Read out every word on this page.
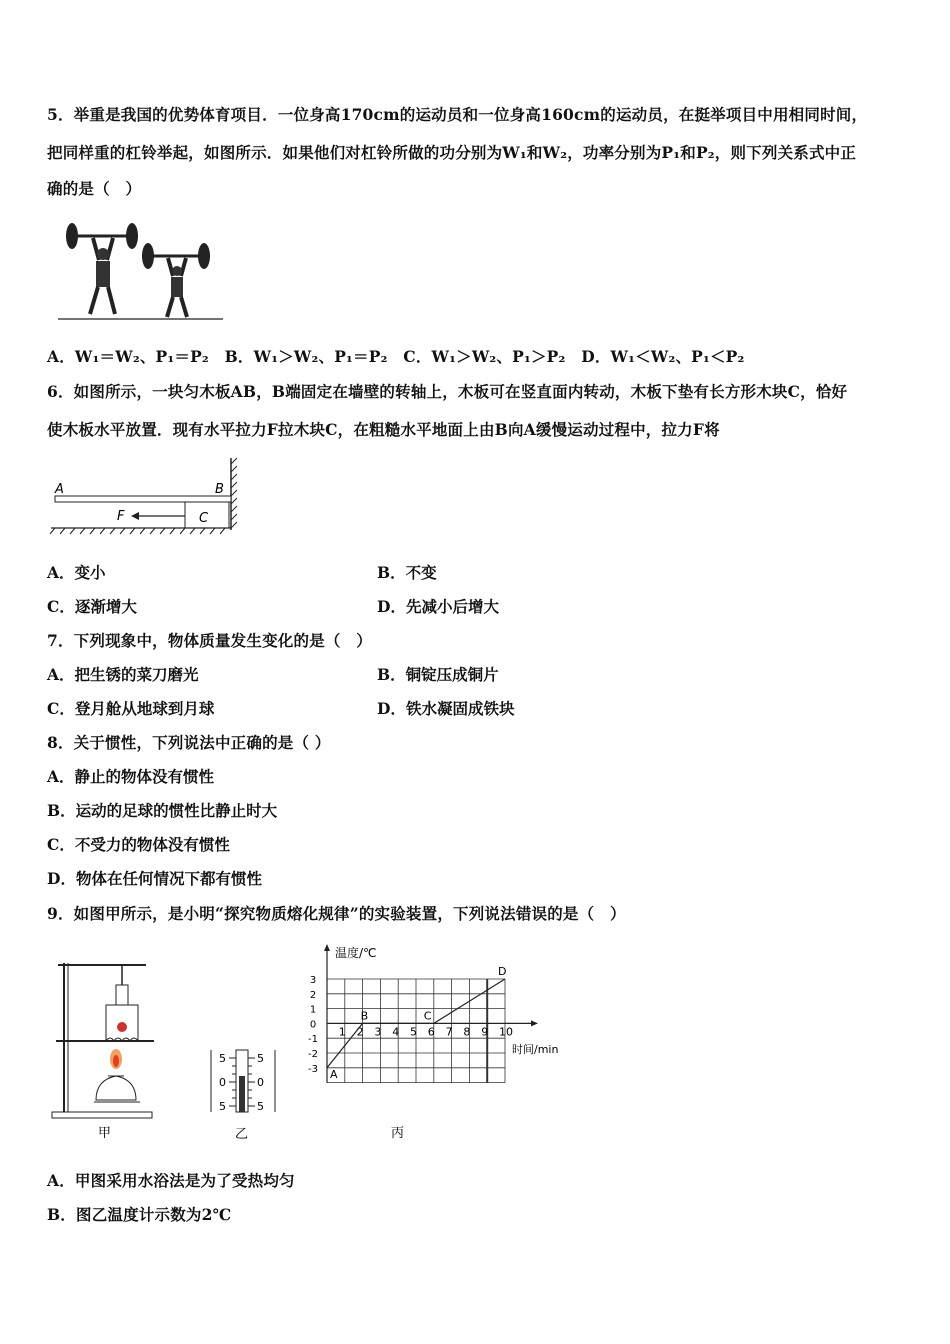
5．举重是我国的优势体育项目．一位身高170cm的运动员和一位身高160cm的运动员，在挺举项目中用相同时间，
把同样重的杠铃举起，如图所示．如果他们对杠铃所做的功分别为W₁和W₂，功率分别为P₁和P₂，则下列关系式中正
确的是（　）
A．W₁＝W₂、P₁＝P₂　B．W₁＞W₂、P₁＝P₂　C．W₁＞W₂、P₁＞P₂　D．W₁＜W₂、P₁＜P₂
6．如图所示，一块匀木板AB，B端固定在墙壁的转轴上，木板可在竖直面内转动，木板下垫有长方形木块C，恰好
使木板水平放置．现有水平拉力F拉木块C，在粗糙水平地面上由B向A缓慢运动过程中，拉力F将
A	B
C
F
A．变小	B．不变
C．逐渐增大	D．先减小后增大
7．下列现象中，物体质量发生变化的是（　）
A．把生锈的菜刀磨光	B．铜锭压成铜片
C．登月舱从地球到月球	D．铁水凝固成铁块
8．关于惯性，下列说法中正确的是（ ）
A．静止的物体没有惯性
B．运动的足球的惯性比静止时大
C．不受力的物体没有惯性
D．物体在任何情况下都有惯性
9．如图甲所示，是小明“探究物质熔化规律”的实验装置，下列说法错误的是（　）
甲
5
0
5
5
0
5
乙
1 2 3 4 5 6 7 8 9 10
3
2
1
0
-1
-2
-3 A
B	C
D
温度/℃
时间/min
丙
A．甲图采用水浴法是为了受热均匀
B．图乙温度计示数为2℃
